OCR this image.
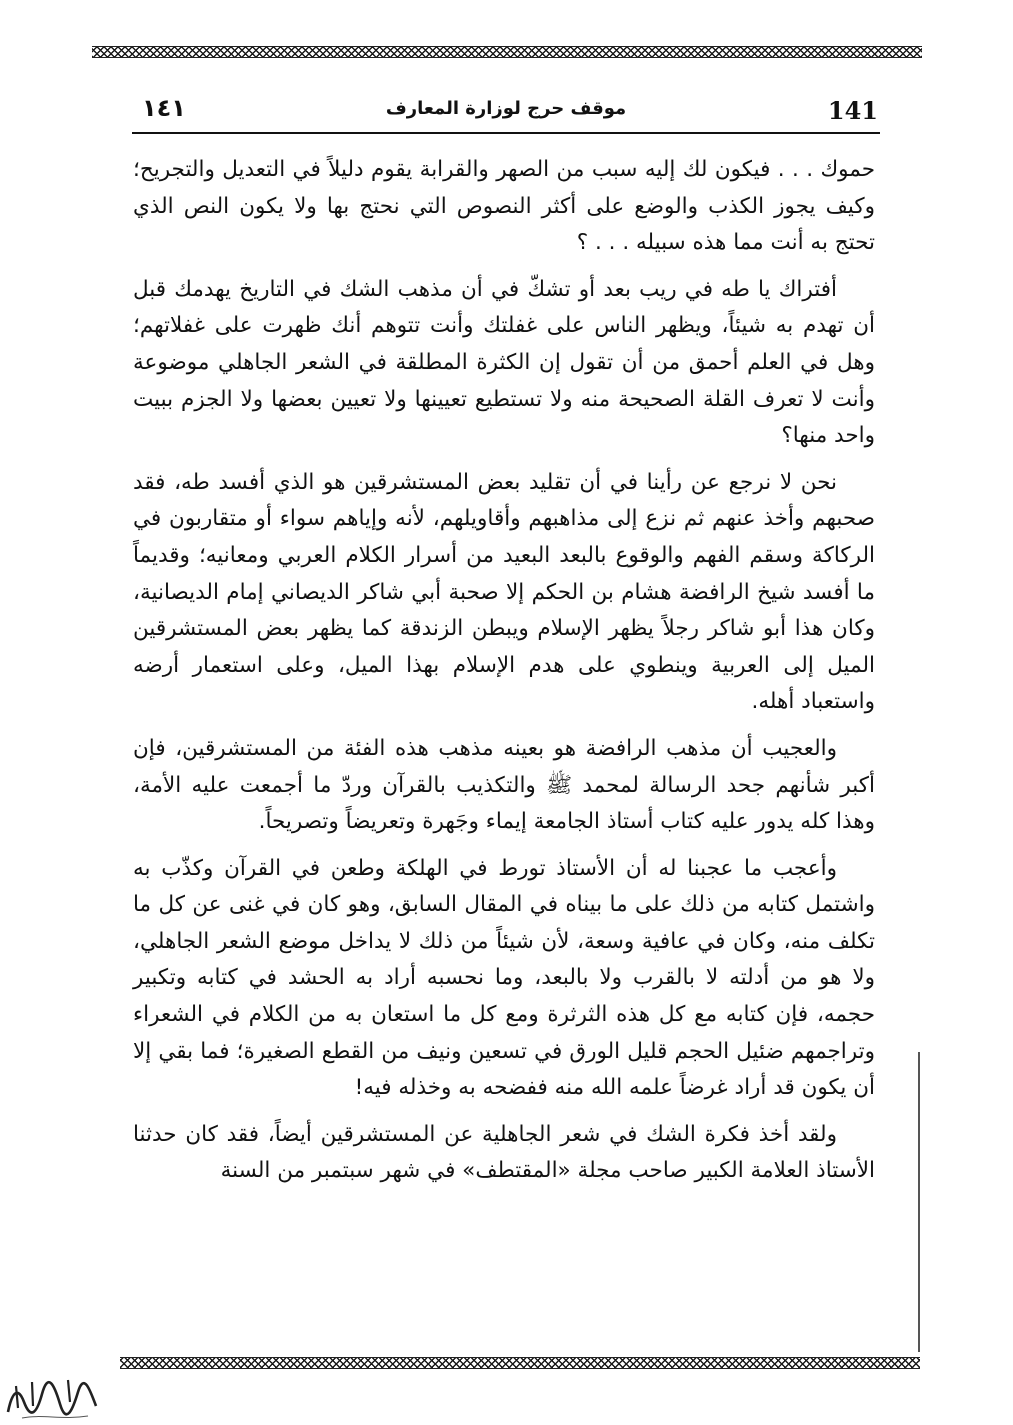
١٤١	موقف حرج لوزارة المعارف	141

حموك . . . فيكون لك إليه سبب من الصهر والقرابة يقوم دليلاً في التعديل والتجريح؛ وكيف يجوز الكذب والوضع على أكثر النصوص التي نحتج بها ولا يكون النص الذي تحتج به أنت مما هذه سبيله . . . ؟

أفتراك يا طه في ريب بعد أو تشكّ في أن مذهب الشك في التاريخ يهدمك قبل أن تهدم به شيئاً، ويظهر الناس على غفلتك وأنت تتوهم أنك ظهرت على غفلاتهم؛ وهل في العلم أحمق من أن تقول إن الكثرة المطلقة في الشعر الجاهلي موضوعة وأنت لا تعرف القلة الصحيحة منه ولا تستطيع تعيينها ولا تعيين بعضها ولا الجزم ببيت واحد منها؟

نحن لا نرجع عن رأينا في أن تقليد بعض المستشرقين هو الذي أفسد طه، فقد صحبهم وأخذ عنهم ثم نزع إلى مذاهبهم وأقاويلهم، لأنه وإياهم سواء أو متقاربون في الركاكة وسقم الفهم والوقوع بالبعد البعيد من أسرار الكلام العربي ومعانيه؛ وقديماً ما أفسد شيخ الرافضة هشام بن الحكم إلا صحبة أبي شاكر الديصاني إمام الديصانية، وكان هذا أبو شاكر رجلاً يظهر الإسلام ويبطن الزندقة كما يظهر بعض المستشرقين الميل إلى العربية وينطوي على هدم الإسلام بهذا الميل، وعلى استعمار أرضه واستعباد أهله.

والعجيب أن مذهب الرافضة هو بعينه مذهب هذه الفئة من المستشرقين، فإن أكبر شأنهم جحد الرسالة لمحمد ﷺ والتكذيب بالقرآن وردّ ما أجمعت عليه الأمة، وهذا كله يدور عليه كتاب أستاذ الجامعة إيماء وجَهرة وتعريضاً وتصريحاً.

وأعجب ما عجبنا له أن الأستاذ تورط في الهلكة وطعن في القرآن وكذّب به واشتمل كتابه من ذلك على ما بيناه في المقال السابق، وهو كان في غنى عن كل ما تكلف منه، وكان في عافية وسعة، لأن شيئاً من ذلك لا يداخل موضع الشعر الجاهلي، ولا هو من أدلته لا بالقرب ولا بالبعد، وما نحسبه أراد به الحشد في كتابه وتكبير حجمه، فإن كتابه مع كل هذه الثرثرة ومع كل ما استعان به من الكلام في الشعراء وتراجمهم ضئيل الحجم قليل الورق في تسعين ونيف من القطع الصغيرة؛ فما بقي إلا أن يكون قد أراد غرضاً علمه الله منه ففضحه به وخذله فيه!

ولقد أخذ فكرة الشك في شعر الجاهلية عن المستشرقين أيضاً، فقد كان حدثنا الأستاذ العلامة الكبير صاحب مجلة «المقتطف» في شهر سبتمبر من السنة
